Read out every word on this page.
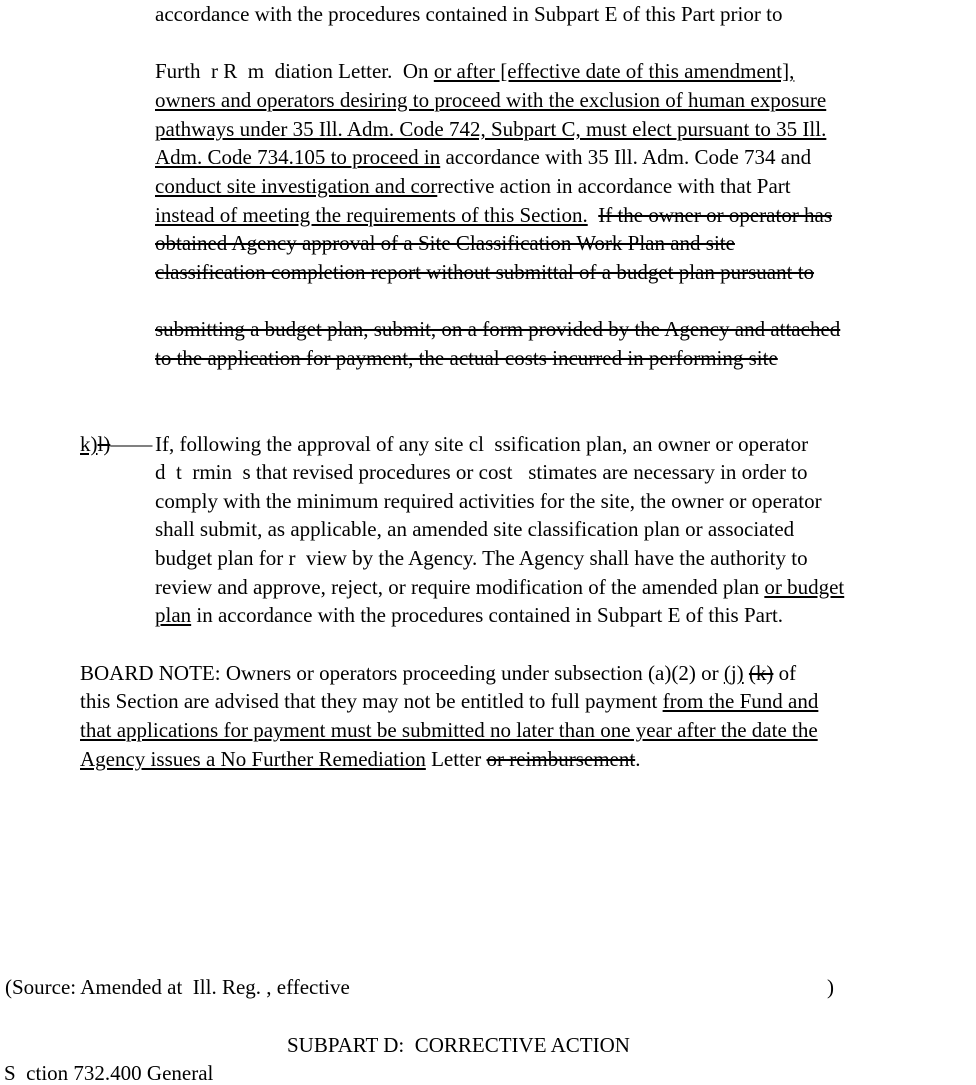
accordance with the procedures contained in Subpart E of this Part prior to
Furth  r R  m  diation Letter.  On or after [effective date of this amendment],
owners and operators desiring to proceed with the exclusion of human exposure
pathways under 35 Ill. Adm. Code 742, Subpart C, must elect pursuant to 35 Ill.
Adm. Code 734.105 to proceed in accordance with 35 Ill. Adm. Code 734 and
conduct site investigation and corrective action in accordance with that Part
instead of meeting the requirements of this Section. If the owner or operator has
obtained Agency approval of a Site Classification Work Plan and site
classification completion report without submittal of a budget plan pursuant to
submitting a budget plan, submit, on a form provided by the Agency and attached
to the application for payment, the actual costs incurred in performing site
k)l)—— If, following the approval of any site cl  ssification plan, an owner or operator
d  t  rmin  s that revised procedures or cost   stimates are necessary in order to
comply with the minimum required activities for the site, the owner or operator
shall submit, as applicable, an amended site classification plan or associated
budget plan for r  view by the Agency. The Agency shall have the authority to
review and approve, reject, or require modification of the amended plan or budget
plan in accordance with the procedures contained in Subpart E of this Part.
BOARD NOTE: Owners or operators proceeding under subsection (a)(2) or (j) (k) of
this Section are advised that they may not be entitled to full payment from the Fund and
that applications for payment must be submitted no later than one year after the date the
Agency issues a No Further Remediation Letter or reimbursement.
(Source: Amended at  Ill. Reg. , effective	)
SUBPART D:  CORRECTIVE ACTION
S  ction 732.400 General
